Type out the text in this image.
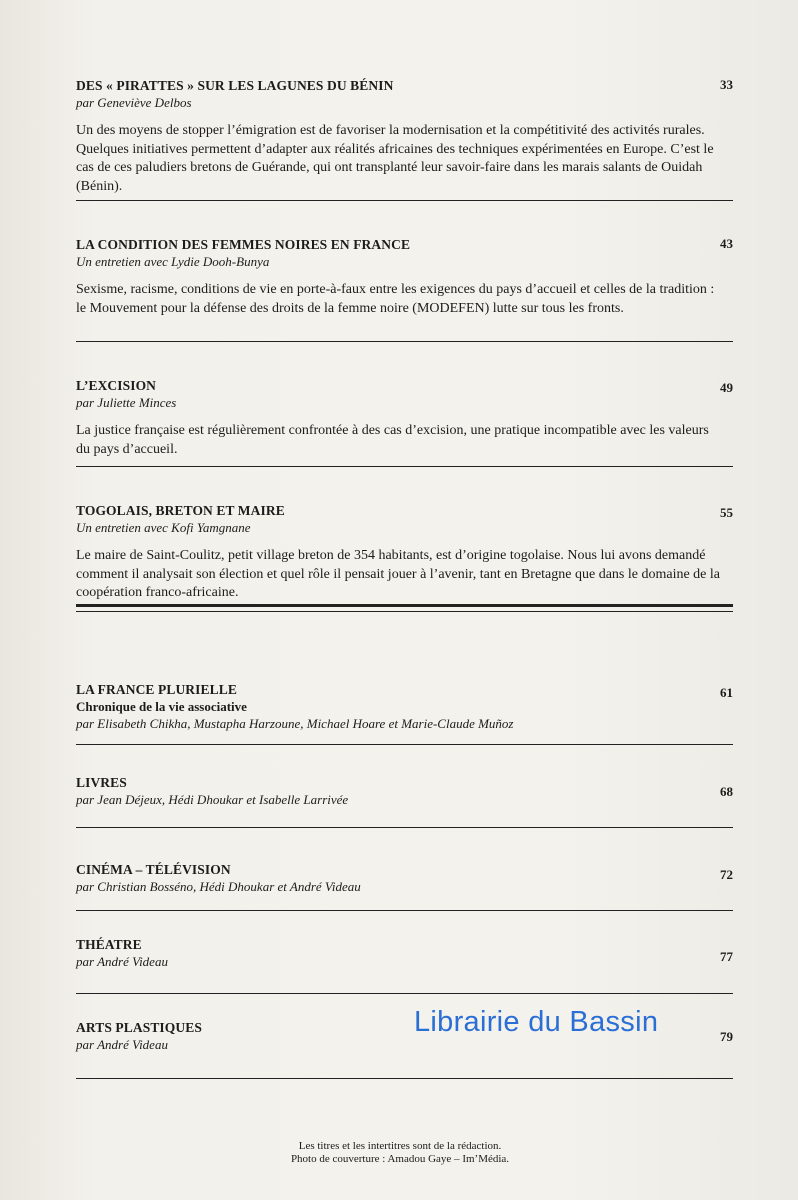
DES « PIRATTES » SUR LES LAGUNES DU BÉNIN
par Geneviève Delbos
Un des moyens de stopper l’émigration est de favoriser la modernisation et la compétitivité des activités rurales. Quelques initiatives permettent d’adapter aux réalités africaines des techniques expérimentées en Europe. C’est le cas de ces paludiers bretons de Guérande, qui ont transplanté leur savoir-faire dans les marais salants de Ouidah (Bénin).
33
LA CONDITION DES FEMMES NOIRES EN FRANCE
Un entretien avec Lydie Dooh-Bunya
Sexisme, racisme, conditions de vie en porte-à-faux entre les exigences du pays d’accueil et celles de la tradition : le Mouvement pour la défense des droits de la femme noire (MODEFEN) lutte sur tous les fronts.
43
L’EXCISION
par Juliette Minces
La justice française est régulièrement confrontée à des cas d’excision, une pratique incompatible avec les valeurs du pays d’accueil.
49
TOGOLAIS, BRETON ET MAIRE
Un entretien avec Kofi Yamgnane
Le maire de Saint-Coulitz, petit village breton de 354 habitants, est d’origine togolaise. Nous lui avons demandé comment il analysait son élection et quel rôle il pensait jouer à l’avenir, tant en Bretagne que dans le domaine de la coopération franco-africaine.
55
LA FRANCE PLURIELLE
Chronique de la vie associative
par Elisabeth Chikha, Mustapha Harzoune, Michael Hoare et Marie-Claude Muñoz
61
LIVRES
par Jean Déjeux, Hédi Dhoukar et Isabelle Larrivée
68
CINÉMA – TÉLÉVISION
par Christian Bosséno, Hédi Dhoukar et André Videau
72
THÉATRE
par André Videau	77
ARTS PLASTIQUES
par André Videau
79
Librairie du Bassin
Les titres et les intertitres sont de la rédaction.
Photo de couverture : Amadou Gaye – Im’Média.
